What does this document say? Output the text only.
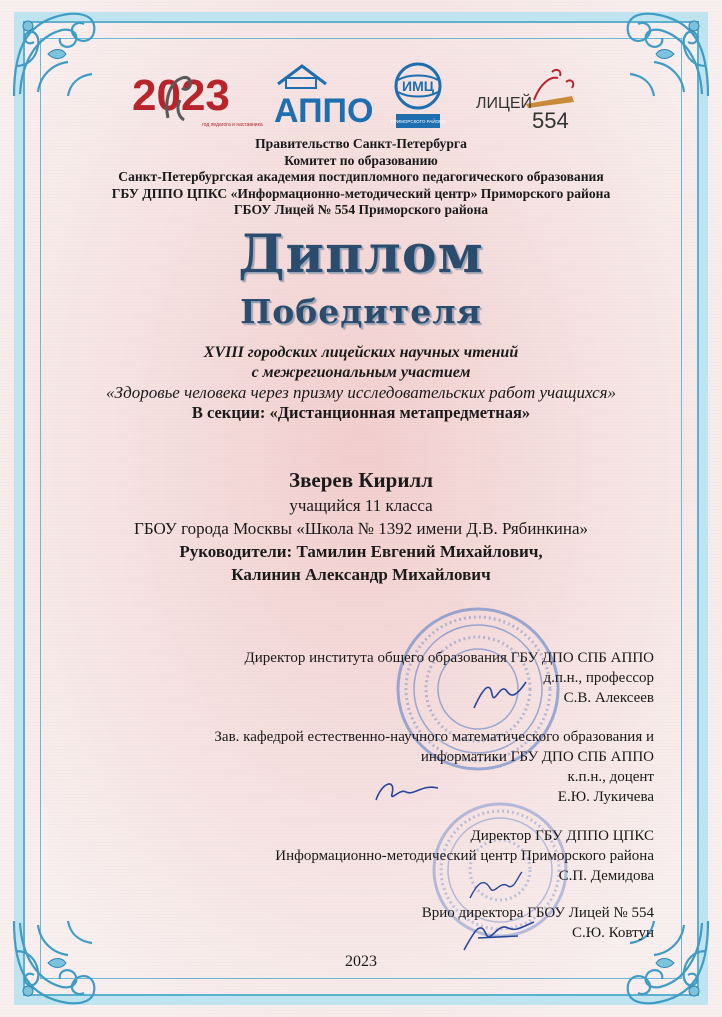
2023
год педагога и наставника АППО
ИМЦ
ПРИМОРСКОГО РАЙОНА
ЛИЦЕЙ
554
Правительство Санкт-Петербурга
Комитет по образованию
Санкт-Петербургская академия постдипломного педагогического образования
ГБУ ДППО ЦПКС «Информационно-методический центр» Приморского района
ГБОУ Лицей № 554 Приморского района
Диплом
Победителя
XVIII городских лицейских научных чтений
с межрегиональным участием
«Здоровье человека через призму исследовательских работ учащихся»
В секции: «Дистанционная метапредметная»
Зверев Кирилл
учащийся 11 класса
ГБОУ города Москвы «Школа № 1392 имени Д.В. Рябинкина»
Руководители: Тамилин Евгений Михайлович,
Калинин Александр Михайлович
Директор института общего образования ГБУ ДПО СПБ АППО
д.п.н., профессор
С.В. Алексеев
Зав. кафедрой естественно-научного математического образования и
информатики ГБУ ДПО СПБ АППО
к.п.н., доцент
Е.Ю. Лукичева
Директор ГБУ ДППО ЦПКС
Информационно-методический центр Приморского района
С.П. Демидова
Врио директора ГБОУ Лицей № 554
С.Ю. Ковтун
2023
